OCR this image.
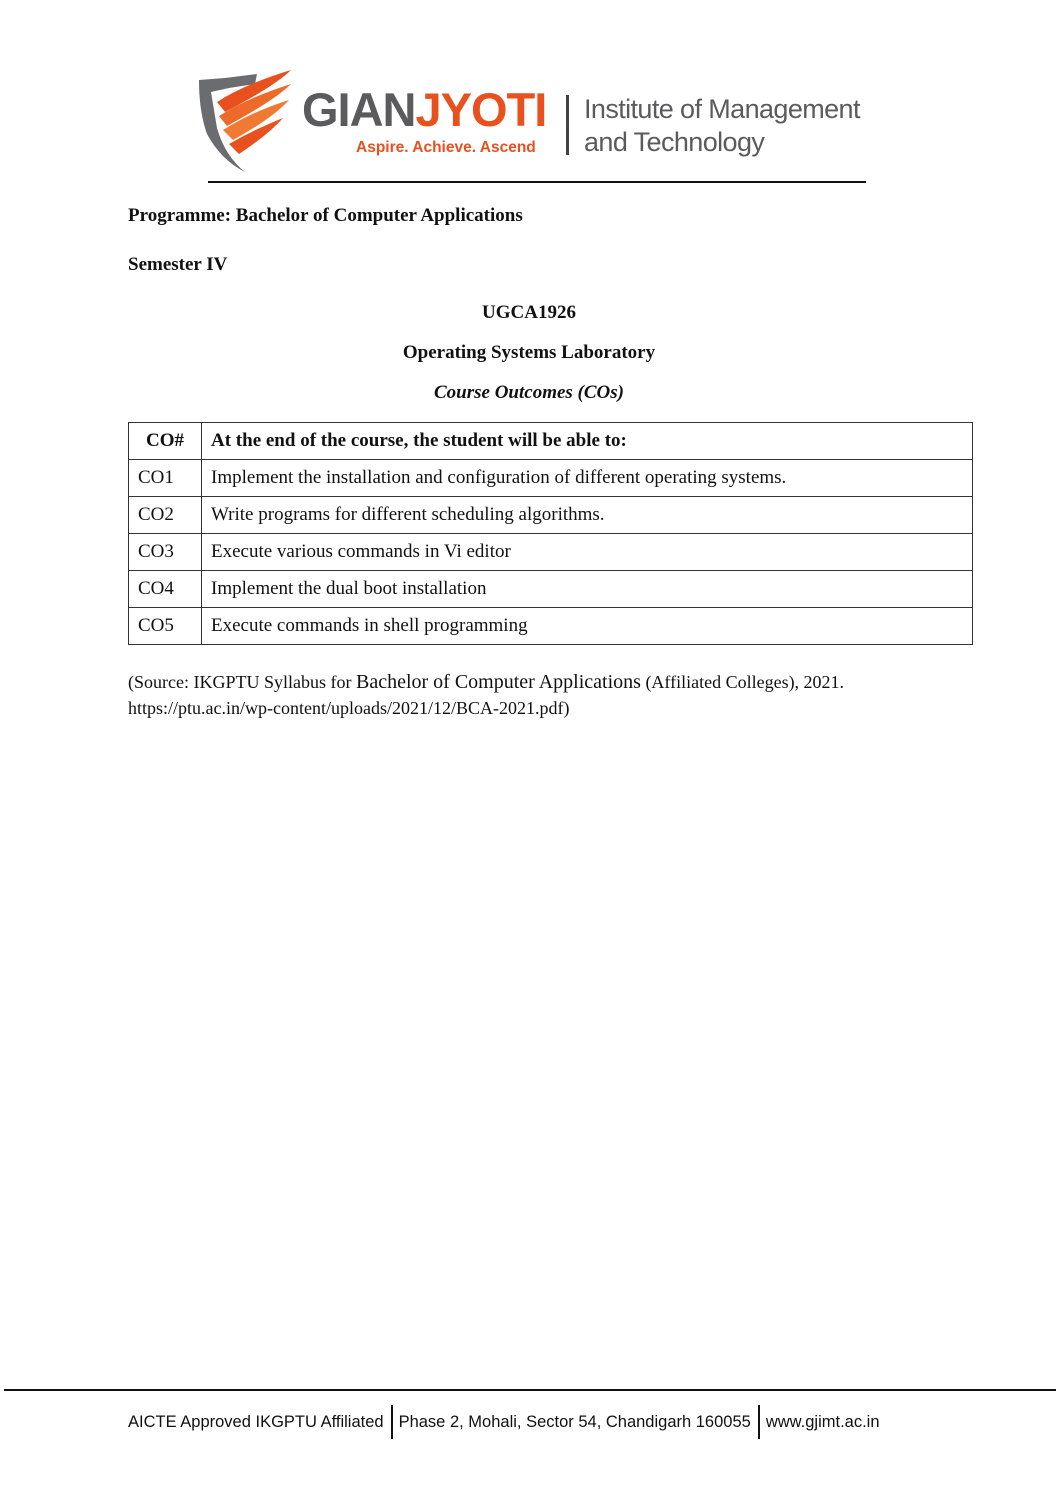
GIANJYOTI
Aspire. Achieve. Ascend
Institute of Management
and Technology
Programme: Bachelor of Computer Applications
Semester IV
UGCA1926
Operating Systems Laboratory
Course Outcomes (COs)
CO#	At the end of the course, the student will be able to:
CO1	Implement the installation and configuration of different operating systems.
CO2	Write programs for different scheduling algorithms.
CO3	Execute various commands in Vi editor
CO4	Implement the dual boot installation
CO5	Execute commands in shell programming
(Source: IKGPTU Syllabus for Bachelor of Computer Applications (Affiliated Colleges), 2021.
https://ptu.ac.in/wp-content/uploads/2021/12/BCA-2021.pdf)
AICTE Approved IKGPTU Affiliated Phase 2, Mohali, Sector 54, Chandigarh 160055 www.gjimt.ac.in
